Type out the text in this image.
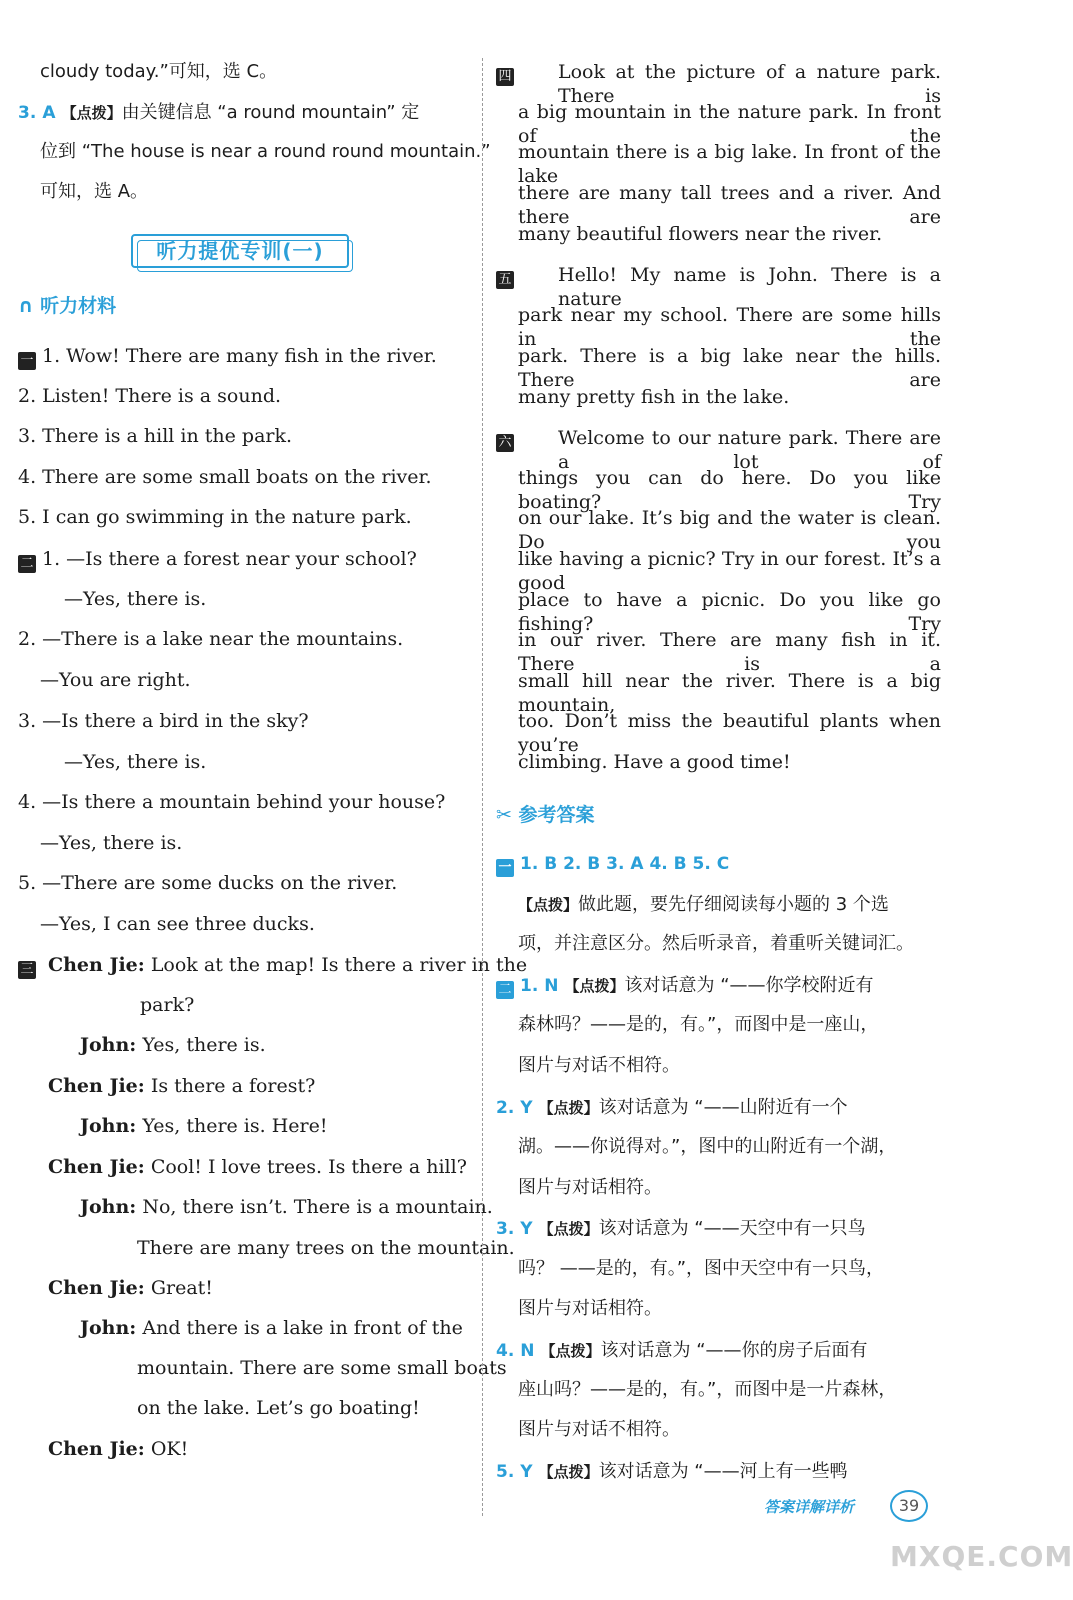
cloudy today.”可知，选 C。
3. A 【点拨】由关键信息 “a round mountain” 定
位到 “The house is near a round round mountain.”
可知，选 A。
听力提优专训(一)
∩ 听力材料
一 1. Wow! There are many fish in the river.
2. Listen! There is a sound.
3. There is a hill in the park.
4. There are some small boats on the river.
5. I can go swimming in the nature park.
二 1. —Is there a forest near your school?
—Yes, there is.
2. —There is a lake near the mountains.
—You are right.
3. —Is there a bird in the sky?
—Yes, there is.
4. —Is there a mountain behind your house?
—Yes, there is.
5. —There are some ducks on the river.
—Yes, I can see three ducks.
三 Chen Jie: Look at the map! Is there a river in the
park?
John: Yes, there is.
Chen Jie: Is there a forest?
John: Yes, there is. Here!
Chen Jie: Cool! I love trees. Is there a hill?
John: No, there isn’t. There is a mountain.
There are many trees on the mountain.
Chen Jie: Great!
John: And there is a lake in front of the
mountain. There are some small boats
on the lake. Let’s go boating!
Chen Jie: OK!
四	Look at the picture of a nature park. There is
a big mountain in the nature park. In front of the
mountain there is a big lake. In front of the lake
there are many tall trees and a river. And there are
many beautiful flowers near the river.
五	Hello! My name is John. There is a nature
park near my school. There are some hills in the
park. There is a big lake near the hills. There are
many pretty fish in the lake.
六	Welcome to our nature park. There are a lot of
things you can do here. Do you like boating? Try
on our lake. It’s big and the water is clean. Do you
like having a picnic? Try in our forest. It’s a good
place to have a picnic. Do you like go fishing? Try
in our river. There are many fish in it. There is a
small hill near the river. There is a big mountain,
too. Don’t miss the beautiful plants when you’re
climbing. Have a good time!
✂ 参考答案
一 1. B 2. B 3. A 4. B 5. C
【点拨】做此题，要先仔细阅读每小题的 3 个选
项，并注意区分。然后听录音，着重听关键词汇。
二 1. N 【点拨】该对话意为 “——你学校附近有
森林吗？——是的，有。”，而图中是一座山，
图片与对话不相符。
2. Y 【点拨】该对话意为 “——山附近有一个
湖。——你说得对。”，图中的山附近有一个湖，
图片与对话相符。
3. Y 【点拨】该对话意为 “——天空中有一只鸟
吗？ ——是的，有。”，图中天空中有一只鸟，
图片与对话相符。
4. N 【点拨】该对话意为 “——你的房子后面有
座山吗？——是的，有。”，而图中是一片森林，
图片与对话不相符。
5. Y 【点拨】该对话意为 “——河上有一些鸭
答案详解详析	39
MXQE.COM
